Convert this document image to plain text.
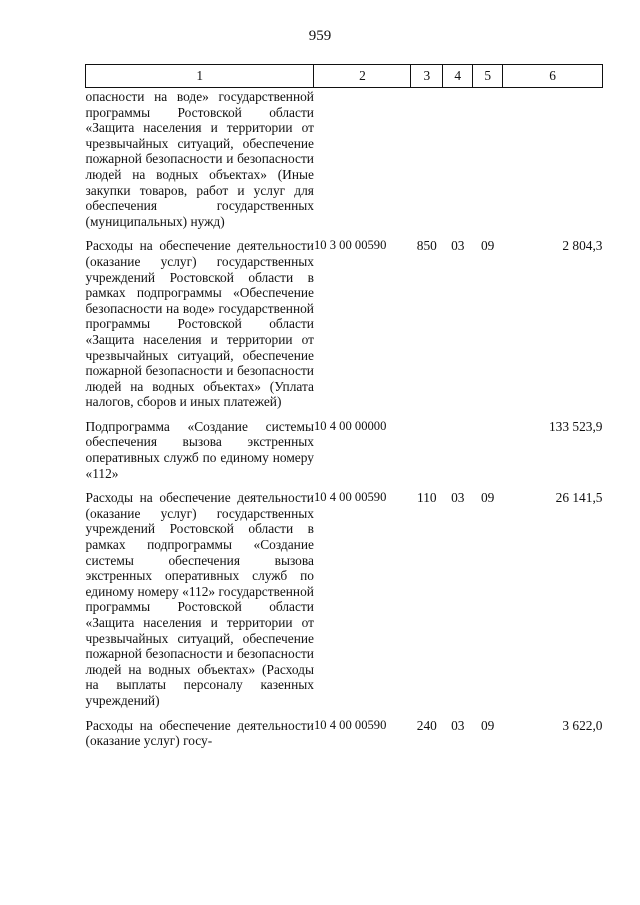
959
1	2	3	4	5	6
опасности на воде» государственной программы Ростовской области «Защита населения и территории от чрезвычайных ситуаций, обеспечение пожарной безопасности и безопасности людей на водных объектах» (Иные закупки товаров, работ и услуг для обеспечения государственных (муниципальных) нужд)					
Расходы на обеспечение деятельности (оказание услуг) государственных учреждений Ростовской области в рамках подпрограммы «Обеспечение безопасности на воде» государственной программы Ростовской области «Защита населения и территории от чрезвычайных ситуаций, обеспечение пожарной безопасности и безопасности людей на водных объектах» (Уплата налогов, сборов и иных платежей)	10 3 00 00590	850	03	09	2 804,3
Подпрограмма «Создание системы обеспечения вызова экстренных оперативных служб по единому номеру «112»	10 4 00 00000				133 523,9
Расходы на обеспечение деятельности (оказание услуг) государственных учреждений Ростовской области в рамках подпрограммы «Создание системы обеспечения вызова экстренных оперативных служб по единому номеру «112» государственной программы Ростовской области «Защита населения и территории от чрезвычайных ситуаций, обеспечение пожарной безопасности и безопасности людей на водных объектах» (Расходы на выплаты персоналу казенных учреждений)	10 4 00 00590	110	03	09	26 141,5
Расходы на обеспечение деятельности (оказание услуг) госу-	10 4 00 00590	240	03	09	3 622,0
